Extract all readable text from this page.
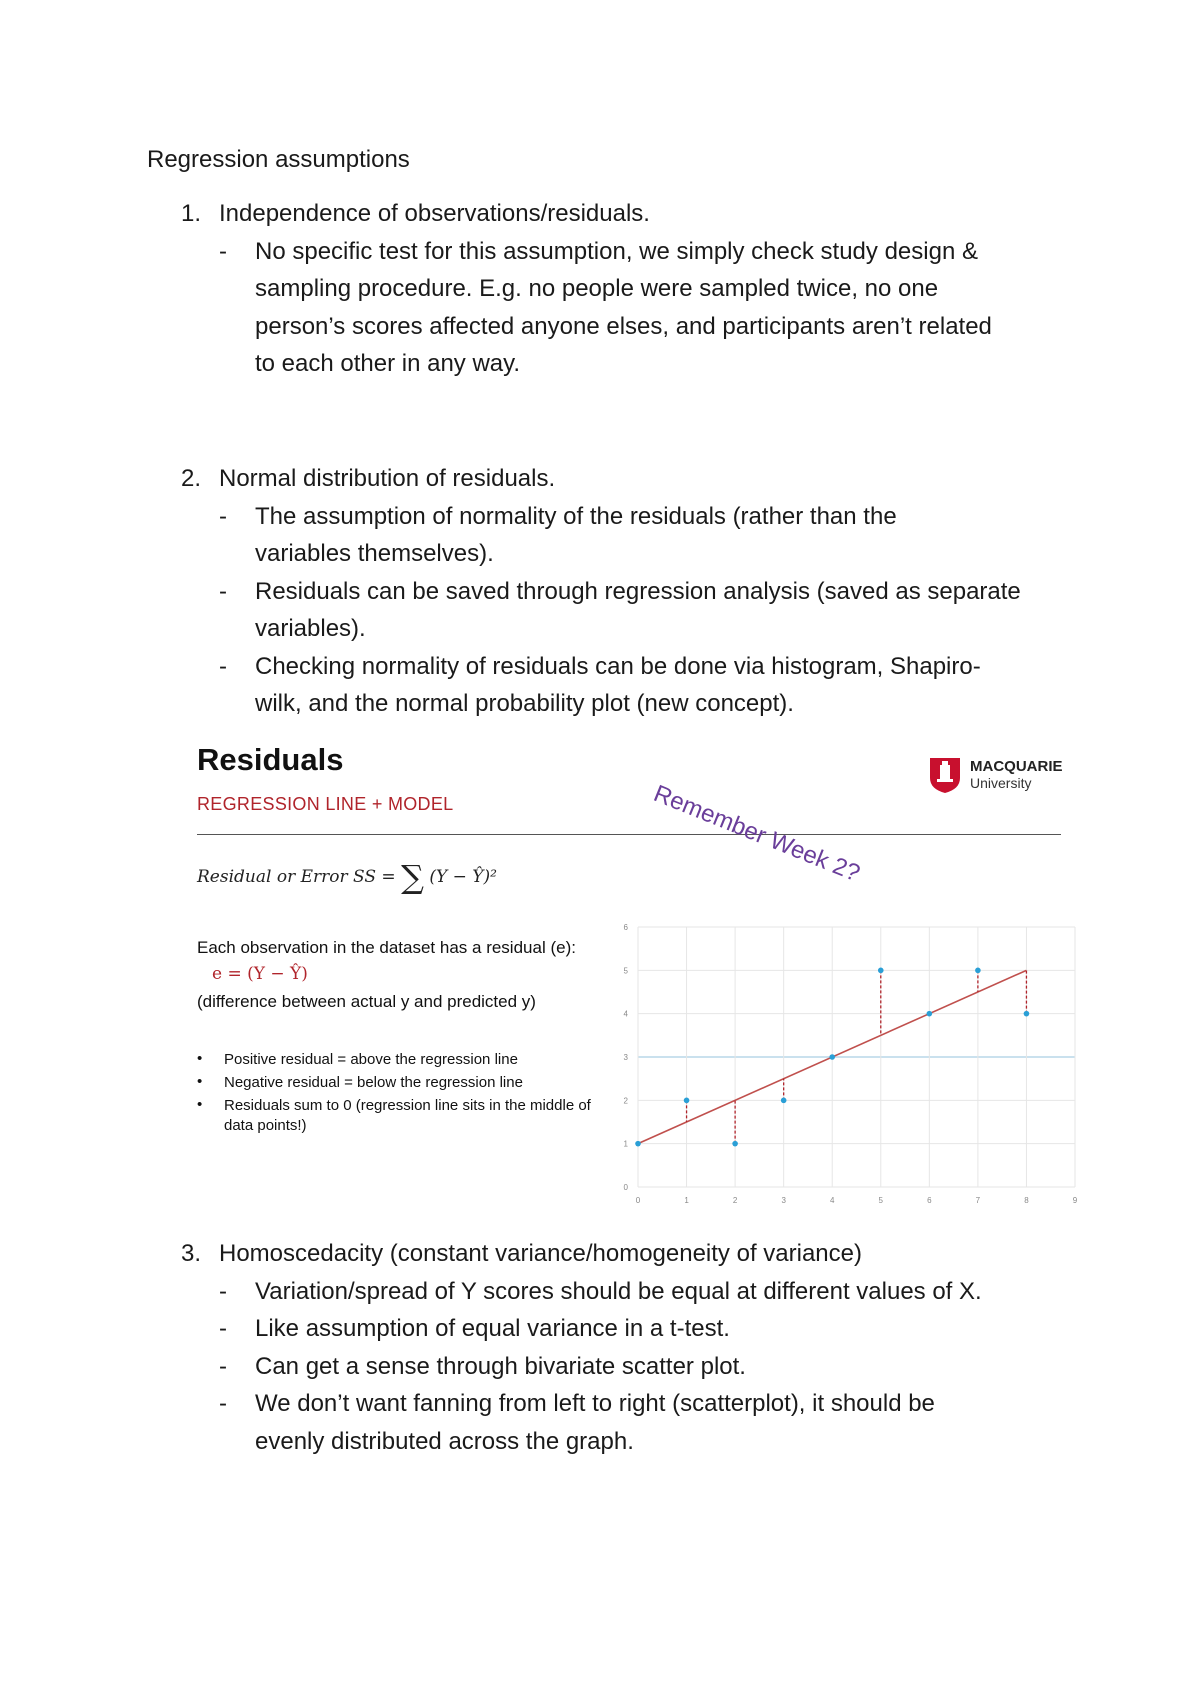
Regression assumptions
1. Independence of observations/residuals.
-	No specific test for this assumption, we simply check study design &
sampling procedure. E.g. no people were sampled twice, no one
person’s scores affected anyone elses, and participants aren’t related
to each other in any way.
2. Normal distribution of residuals.
-	The assumption of normality of the residuals (rather than the
variables themselves).
-	Residuals can be saved through regression analysis (saved as separate
variables).
-	Checking normality of residuals can be done via histogram, Shapiro-
wilk, and the normal probability plot (new concept).
Residuals
REGRESSION LINE + MODEL
MACQUARIE
University
Remember Week 2?
Residual or Error SS = ∑ (Y − Ŷ)²
Each observation in the dataset has a residual (e):
e = (Y − Ŷ)
(difference between actual y and predicted y)
• Positive residual = above the regression line
• Negative residual = below the regression line
• Residuals sum to 0 (regression line sits in the middle of data points!)
0
1
2
3
4
5
6
0	1	2	3	4	5	6	7	8	9
3. Homoscedacity (constant variance/homogeneity of variance)
-	Variation/spread of Y scores should be equal at different values of X.
-	Like assumption of equal variance in a t-test.
-	Can get a sense through bivariate scatter plot.
-	We don’t want fanning from left to right (scatterplot), it should be
evenly distributed across the graph.
